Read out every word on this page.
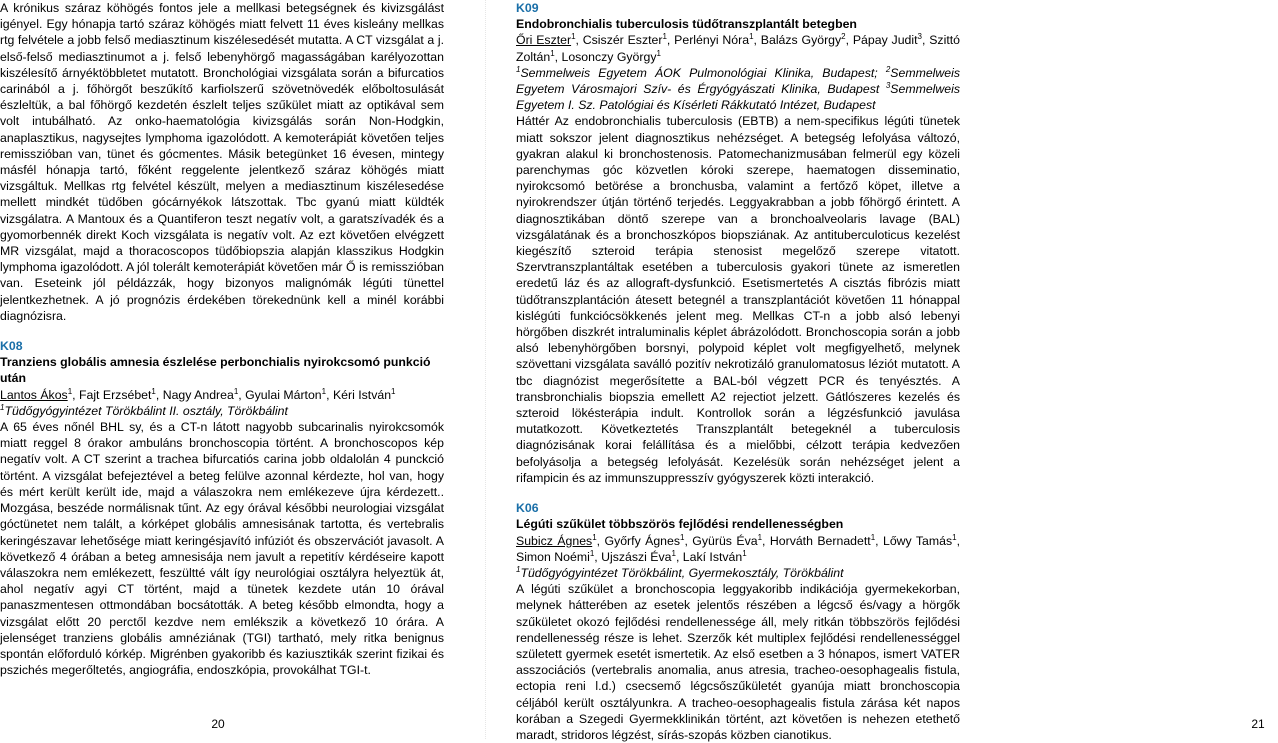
A krónikus száraz köhögés fontos jele a mellkasi betegségnek és kivizsgálást igényel. Egy hónapja tartó száraz köhögés miatt felvett 11 éves kisleány mellkas rtg felvétele a jobb felső mediasztinum kiszélesedését mutatta. A CT vizsgálat a j. első-felső mediasztinumot a j. felső lebenyhörgő magasságában karélyozottan kiszélesítő árnyéktöbbletet mutatott. Bronchológiai vizsgálata során a bifurcatios carinából a j. főhörgőt beszűkítő karfiolszerű szövetnövedék előboltosulását észleltük, a bal főhörgő kezdetén észlelt teljes szűkület miatt az optikával sem volt intubálható. Az onko-haematológia kivizsgálás során Non-Hodgkin, anaplasztikus, nagysejtes lymphoma igazolódott. A kemoterápiát követően teljes remisszióban van, tünet és gócmentes. Másik betegünket 16 évesen, mintegy másfél hónapja tartó, főként reggelente jelentkező száraz köhögés miatt vizsgáltuk. Mellkas rtg felvétel készült, melyen a mediasztinum kiszélesedése mellett mindkét tüdőben gócárnyékok látszottak. Tbc gyanú miatt küldték vizsgálatra. A Mantoux és a Quantiferon teszt negatív volt, a garatszívadék és a gyomorbennék direkt Koch vizsgálata is negatív volt. Az ezt követően elvégzett MR vizsgálat, majd a thoracoscopos tüdőbiopszia alapján klasszikus Hodgkin lymphoma igazolódott. A jól tolerált kemoterápiát követően már Ő is remisszióban van. Eseteink jól példázzák, hogy bizonyos malignómák légúti tünettel jelentkezhetnek. A jó prognózis érdekében törekednünk kell a minél korábbi diagnózisra.

K08

Tranziens globális amnesia észlelése perbonchialis nyirokcsomó punkció után

Lantos Ákos$^1$, Fajt Erzsébet$^1$, Nagy Andrea$^1$, Gyulai Márton$^1$, Kéri István$^1$

$^1$Tüdőgyógyintézet Törökbálint II. osztály, Törökbálint

A 65 éves nőnél BHL sy, és a CT-n látott nagyobb subcarinalis nyirokcsomók miatt reggel 8 órakor ambuláns bronchoscopia történt. A bronchoscopos kép negatív volt. A CT szerint a trachea bifurcatiós carina jobb oldalolán 4 punckció történt. A vizsgálat befejeztével a beteg felülve azonnal kérdezte, hol van, hogy és mért került került ide, majd a válaszokra nem emlékezeve újra kérdezett.. Mozgása, beszéde normálisnak tűnt. Az egy órával későbbi neurologiai vizsgálat góctünetet nem talált, a kórképet globális amnesisának tartotta, és vertebralis keringészavar lehetősége miatt keringésjavító infúziót és obszervációt javasolt. A következő 4 órában a beteg amnesisája nem javult a repetitív kérdéseire kapott válaszokra nem emlékezett, feszültté vált így neurológiai osztályra helyeztük át, ahol negatív agyi CT történt, majd a tünetek kezdete után 10 órával panaszmentesen ottmondában bocsátották. A beteg később elmondta, hogy a vizsgálat előtt 20 perctől kezdve nem emlékszik a következő 10 órára. A jelenséget tranziens globális amnéziának (TGI) tartható, mely ritka benignus spontán előforduló kórkép. Migrénben gyakoribb és kaziusztikák szerint fizikai és pszichés megerőltetés, angiográfia, endoszkópia, provokálhat TGI-t.

20
K09

Endobronchialis tuberculosis tüdőtranszplantált betegben

Őri Eszter$^1$, Csiszér Eszter$^1$, Perlényi Nóra$^1$, Balázs György$^2$, Pápay Judit$^3$, Szittó Zoltán$^1$, Losonczy György$^1$

$^1$Semmelweis Egyetem ÁOK Pulmonológiai Klinika, Budapest; $^2$Semmelweis Egyetem Városmajori Szív- és Érgyógyászati Klinika, Budapest $^3$Semmelweis Egyetem I. Sz. Patológiai és Kísérleti Rákkutató Intézet, Budapest

Háttér Az endobronchialis tuberculosis (EBTB) a nem-specifikus légúti tünetek miatt sokszor jelent diagnosztikus nehézséget. A betegség lefolyása változó, gyakran alakul ki bronchostenosis. Patomechanizmusában felmerül egy közeli parenchymas góc közvetlen kóroki szerepe, haematogen disseminatio, nyirokcsomó betörése a bronchusba, valamint a fertőző köpet, illetve a nyirokrendszer útján történő terjedés. Leggyakrabban a jobb főhörgő érintett. A diagnosztikában döntő szerepe van a bronchoalveolaris lavage (BAL) vizsgálatának és a bronchoszkópos biopsziának. Az antituberculoticus kezelést kiegészítő szteroid terápia stenosist megelőző szerepe vitatott. Szervtranszplantáltak esetében a tuberculosis gyakori tünete az ismeretlen eredetű láz és az allograft-dysfunkció. Esetismertetés A cisztás fibrózis miatt tüdőtranszplantáción átesett betegnél a transzplantációt követően 11 hónappal kislégúti funkciócsökkenés jelent meg. Mellkas CT-n a jobb alsó lebenyi hörgőben diszkrét intraluminalis képlet ábrázolódott. Bronchoscopia során a jobb alsó lebenyhörgőben borsnyi, polypoid képlet volt megfigyelhető, melynek szövettani vizsgálata saválló pozitív nekrotizáló granulomatosus léziót mutatott. A tbc diagnózist megerősítette a BAL-ból végzett PCR és tenyésztés. A transbronchialis biopszia emellett A2 rejectiot jelzett. Gátlószeres kezelés és szteroid lökésterápia indult. Kontrollok során a légzésfunkció javulása mutatkozott. Következtetés Transzplantált betegeknél a tuberculosis diagnózisának korai felállítása és a mielőbbi, célzott terápia kedvezően befolyásolja a betegség lefolyását. Kezelésük során nehézséget jelent a rifampicin és az immunszuppresszív gyógyszerek közti interakció.

K06

Légúti szűkület többszörös fejlődési rendellenességben

Subicz Ágnes$^1$, Győrfy Ágnes$^1$, Gyürüs Éva$^1$, Horváth Bernadett$^1$, Lőwy Tamás$^1$, Simon Noémi$^1$, Ujszászi Éva$^1$, Lakí István$^1$

$^1$Tüdőgyógyintézet Törökbálint, Gyermekosztály, Törökbálint

A légúti szűkület a bronchoscopia leggyakoribb indikációja gyermekekorban, melynek hátterében az esetek jelentős részében a légcső és/vagy a hörgők szűkületet okozó fejlődési rendellenessége áll, mely ritkán többszörös fejlődési rendellenesség része is lehet. Szerzők két multiplex fejlődési rendellenességgel született gyermek esetét ismertetik. Az első esetben a 3 hónapos, ismert VATER asszociációs (vertebralis anomalia, anus atresia, tracheo-oesophagealis fistula, ectopia reni l.d.) csecsemő légcsőszűkületét gyanúja miatt bronchoscopia céljából került osztályunkra. A tracheo-oesophagealis fistula zárása két napos korában a Szegedi Gyermekklinikán történt, azt követően is nehezen etethető maradt, stridoros légzést, sírás-szopás közben cianotikus.

21
